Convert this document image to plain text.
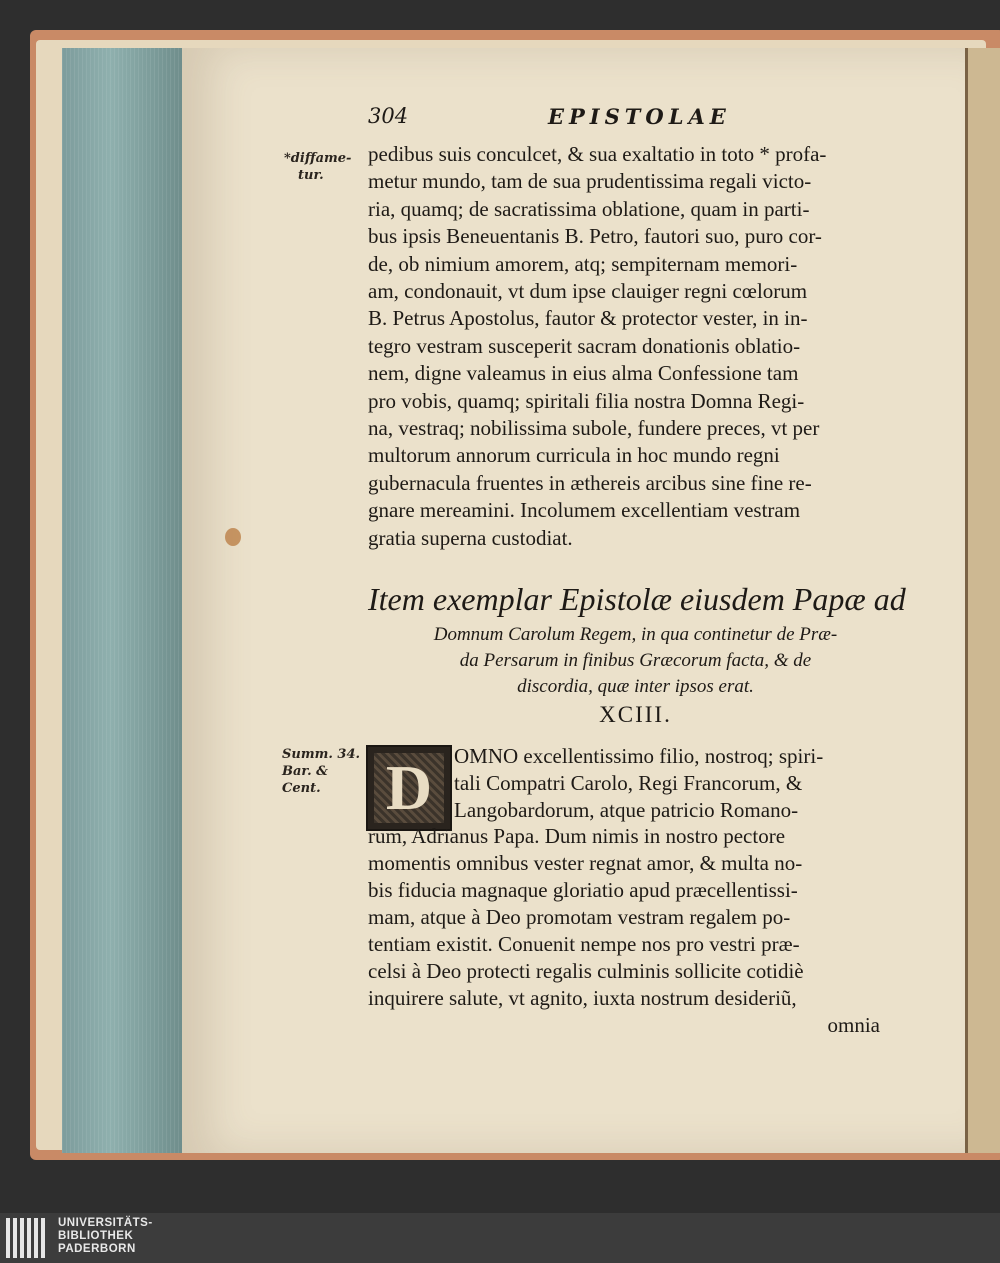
304	EPISTOLAE
*diffame-
tur.
pedibus suis conculcet, & sua exaltatio in toto * profa-
metur mundo, tam de sua prudentissima regali victo-
ria, quamq; de sacratissima oblatione, quam in parti-
bus ipsis Beneuentanis B. Petro, fautori suo, puro cor-
de, ob nimium amorem, atq; sempiternam memori-
am, condonauit, vt dum ipse clauiger regni cœlorum
B. Petrus Apostolus, fautor & protector vester, in in-
tegro vestram susceperit sacram donationis oblatio-
nem, digne valeamus in eius alma Confessione tam
pro vobis, quamq; spiritali filia nostra Domna Regi-
na, vestraq; nobilissima subole, fundere preces, vt per
multorum annorum curricula in hoc mundo regni
gubernacula fruentes in æthereis arcibus sine fine re-
gnare mereamini. Incolumem excellentiam vestram
gratia superna custodiat.
Item exemplar Epistolæ eiusdem Papæ ad
Domnum Carolum Regem, in qua continetur de Præ-
da Persarum in finibus Græcorum facta, & de
discordia, quæ inter ipsos erat.
XCIII.
Summ. 34.
Bar. &
Cent.	D	OMNO excellentissimo filio, nostroq; spiri-
tali Compatri Carolo, Regi Francorum, &
Langobardorum, atque patricio Romano-
rum, Adrianus Papa. Dum nimis in nostro pectore
momentis omnibus vester regnat amor, & multa no-
bis fiducia magnaque gloriatio apud præcellentissi-
mam, atque à Deo promotam vestram regalem po-
tentiam existit. Conuenit nempe nos pro vestri præ-
celsi à Deo protecti regalis culminis sollicite cotidiè
inquirere salute, vt agnito, iuxta nostrum desideriũ,
omnia
UNIVERSITÄTS-
BIBLIOTHEK
PADERBORN
